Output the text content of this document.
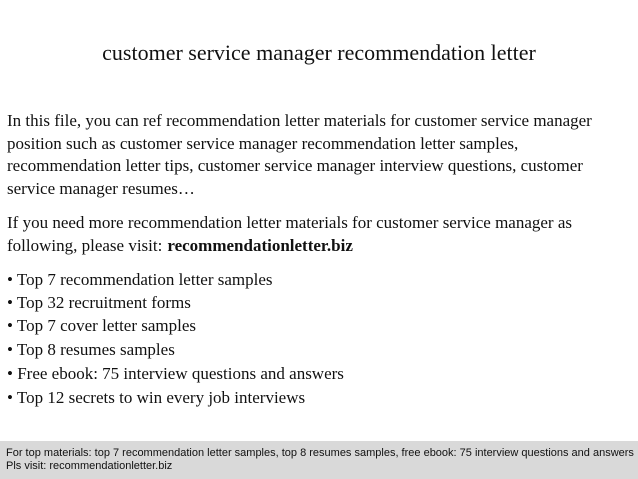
customer service manager recommendation letter

In this file, you can ref recommendation letter materials for customer service manager
position such as customer service manager recommendation letter samples,
recommendation letter tips, customer service manager interview questions, customer
service manager resumes…

If you need more recommendation letter materials for customer service manager as
following, please visit: recommendationletter.biz

• Top 7 recommendation letter samples
• Top 32 recruitment forms
• Top 7 cover letter samples
• Top 8 resumes samples
• Free ebook: 75 interview questions and answers
• Top 12 secrets to win every job interviews
For top materials: top 7 recommendation letter samples, top 8 resumes samples, free ebook: 75 interview questions and answers
Pls visit: recommendationletter.biz
